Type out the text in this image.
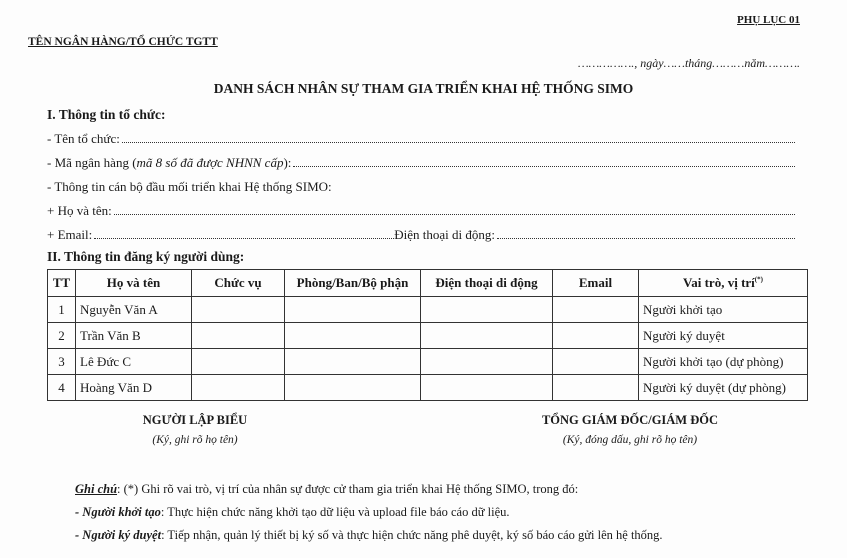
PHỤ LỤC 01
TÊN NGÂN HÀNG/TỔ CHỨC TGTT
……………., ngày……tháng………năm……….
DANH SÁCH NHÂN SỰ THAM GIA TRIỂN KHAI HỆ THỐNG SIMO
I. Thông tin tổ chức:
- Tên tổ chức:
- Mã ngân hàng ( mã 8 số đã được NHNN cấp ):
- Thông tin cán bộ đầu mối triển khai Hệ thống SIMO:
+ Họ và tên:
+ Email:	Điện thoại di động:
II. Thông tin đăng ký người dùng:
TT	Họ và tên	Chức vụ	Phòng/Ban/Bộ phận	Điện thoại di động	Email	Vai trò, vị trí(*)
1	Nguyễn Văn A					Người khởi tạo
2	Trần Văn B					Người ký duyệt
3	Lê Đức C					Người khởi tạo (dự phòng)
4	Hoàng Văn D					Người ký duyệt (dự phòng)
NGƯỜI LẬP BIỂU
(Ký, ghi rõ họ tên)
TỔNG GIÁM ĐỐC/GIÁM ĐỐC
(Ký, đóng dấu, ghi rõ họ tên)
Ghi chú: (*) Ghi rõ vai trò, vị trí của nhân sự được cử tham gia triển khai Hệ thống SIMO, trong đó:
- Người khởi tạo: Thực hiện chức năng khởi tạo dữ liệu và upload file báo cáo dữ liệu.
- Người ký duyệt: Tiếp nhận, quản lý thiết bị ký số và thực hiện chức năng phê duyệt, ký số báo cáo gửi lên hệ thống.
